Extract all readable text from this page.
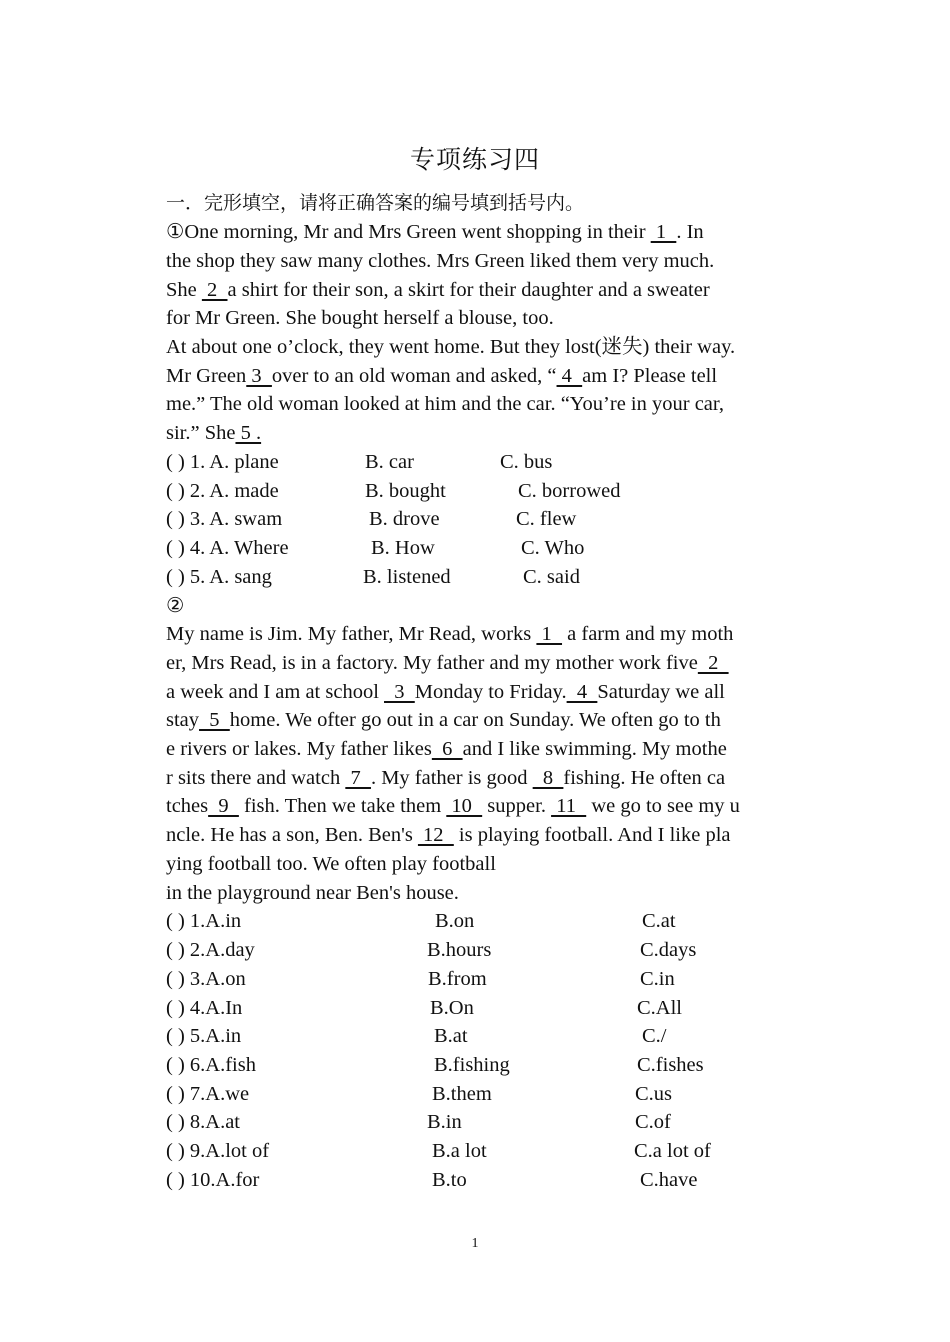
专项练习四
一．完形填空，请将正确答案的编号填到括号内。
①One morning, Mr and Mrs Green went shopping in their  1  . In
the shop they saw many clothes. Mrs Green liked them very much.
She  2  a shirt for their son, a skirt for their daughter and a sweater
for Mr Green. She bought herself a blouse, too.
At about one o’clock, they went home. But they lost(迷失) their way.
Mr Green 3  over to an old woman and asked, “ 4  am I? Please tell
me.” The old woman looked at him and the car. “You’re in your car,
sir.” She 5 .
( ) 1. A. plane	B. car	C. bus
( ) 2. A. made	B. bought	C. borrowed
( ) 3. A. swam	B. drove	C. flew
( ) 4. A. Where	B. How	C. Who
( ) 5. A. sang	B. listened	C. said
②
My name is Jim. My father, Mr Read, works  1   a farm and my moth
er, Mrs Read, is in a factory. My father and my mother work five  2
a week and I am at school   3  Monday to Friday.  4  Saturday we all
stay  5  home. We ofter go out in a car on Sunday. We often go to th
e rivers or lakes. My father likes  6  and I like swimming. My mothe
r sits there and watch  7  . My father is good   8  fishing. He often ca
tches  9   fish. Then we take them  10   supper.  11   we go to see my u
ncle. He has a son, Ben. Ben's  12   is playing football. And I like pla
ying football too. We often play football
in the playground near Ben's house.
( ) 1.A.in	B.on	C.at
( ) 2.A.day	B.hours	C.days
( ) 3.A.on	B.from	C.in
( ) 4.A.In	B.On	C.All
( ) 5.A.in	B.at	C./
( ) 6.A.fish	B.fishing	C.fishes
( ) 7.A.we	B.them	C.us
( ) 8.A.at	B.in	C.of
( ) 9.A.lot of	B.a lot	C.a lot of
( ) 10.A.for	B.to	C.have
1
